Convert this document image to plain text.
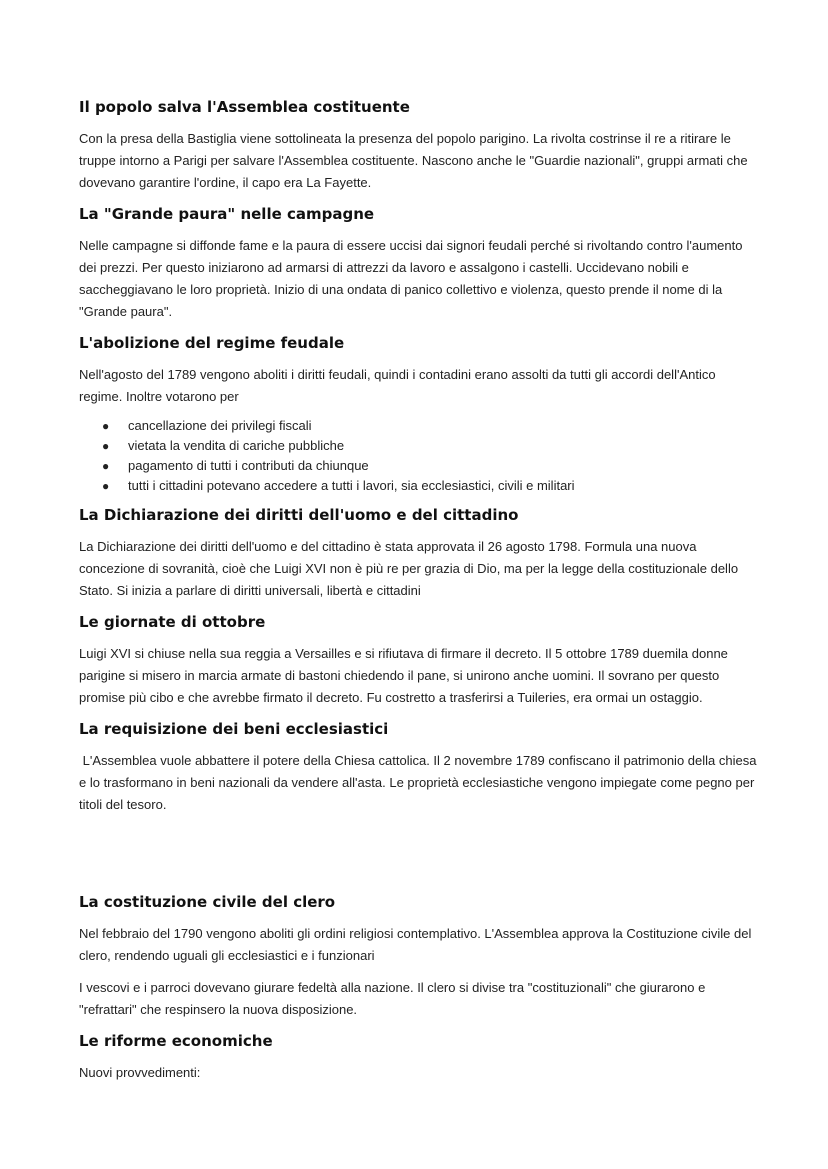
Il popolo salva l'Assemblea costituente

Con la presa della Bastiglia viene sottolineata la presenza del popolo parigino. La rivolta costrinse il re a ritirare le truppe intorno a Parigi per salvare l'Assemblea costituente. Nascono anche le "Guardie nazionali", gruppi armati che dovevano garantire l'ordine, il capo era La Fayette.

La "Grande paura" nelle campagne

Nelle campagne si diffonde fame e la paura di essere uccisi dai signori feudali perché si rivoltando contro l'aumento dei prezzi. Per questo iniziarono ad armarsi di attrezzi da lavoro e assalgono i castelli. Uccidevano nobili e saccheggiavano le loro proprietà. Inizio di una ondata di panico collettivo e violenza, questo prende il nome di la "Grande paura".

L'abolizione del regime feudale

Nell'agosto del 1789 vengono aboliti i diritti feudali, quindi i contadini erano assolti da tutti gli accordi dell'Antico regime. Inoltre votarono per

● cancellazione dei privilegi fiscali
● vietata la vendita di cariche pubbliche
● pagamento di tutti i contributi da chiunque
● tutti i cittadini potevano accedere a tutti i lavori, sia ecclesiastici, civili e militari
La Dichiarazione dei diritti dell'uomo e del cittadino

La Dichiarazione dei diritti dell'uomo e del cittadino è stata approvata il 26 agosto 1798. Formula una nuova concezione di sovranità, cioè che Luigi XVI non è più re per grazia di Dio, ma per la legge della costituzionale dello Stato. Si inizia a parlare di diritti universali, libertà e cittadini

Le giornate di ottobre

Luigi XVI si chiuse nella sua reggia a Versailles e si rifiutava di firmare il decreto. Il 5 ottobre 1789 duemila donne parigine si misero in marcia armate di bastoni chiedendo il pane, si unirono anche uomini. Il sovrano per questo promise più cibo e che avrebbe firmato il decreto. Fu costretto a trasferirsi a Tuileries, era ormai un ostaggio.

La requisizione dei beni ecclesiastici

L'Assemblea vuole abbattere il potere della Chiesa cattolica. Il 2 novembre 1789 confiscano il patrimonio della chiesa e lo trasformano in beni nazionali da vendere all'asta. Le proprietà ecclesiastiche vengono impiegate come pegno per titoli del tesoro.

La costituzione civile del clero

Nel febbraio del 1790 vengono aboliti gli ordini religiosi contemplativo. L'Assemblea approva la Costituzione civile del clero, rendendo uguali gli ecclesiastici e i funzionari

I vescovi e i parroci dovevano giurare fedeltà alla nazione. Il clero si divise tra "costituzionali" che giurarono e "refrattari" che respinsero la nuova disposizione.

Le riforme economiche

Nuovi provvedimenti:
